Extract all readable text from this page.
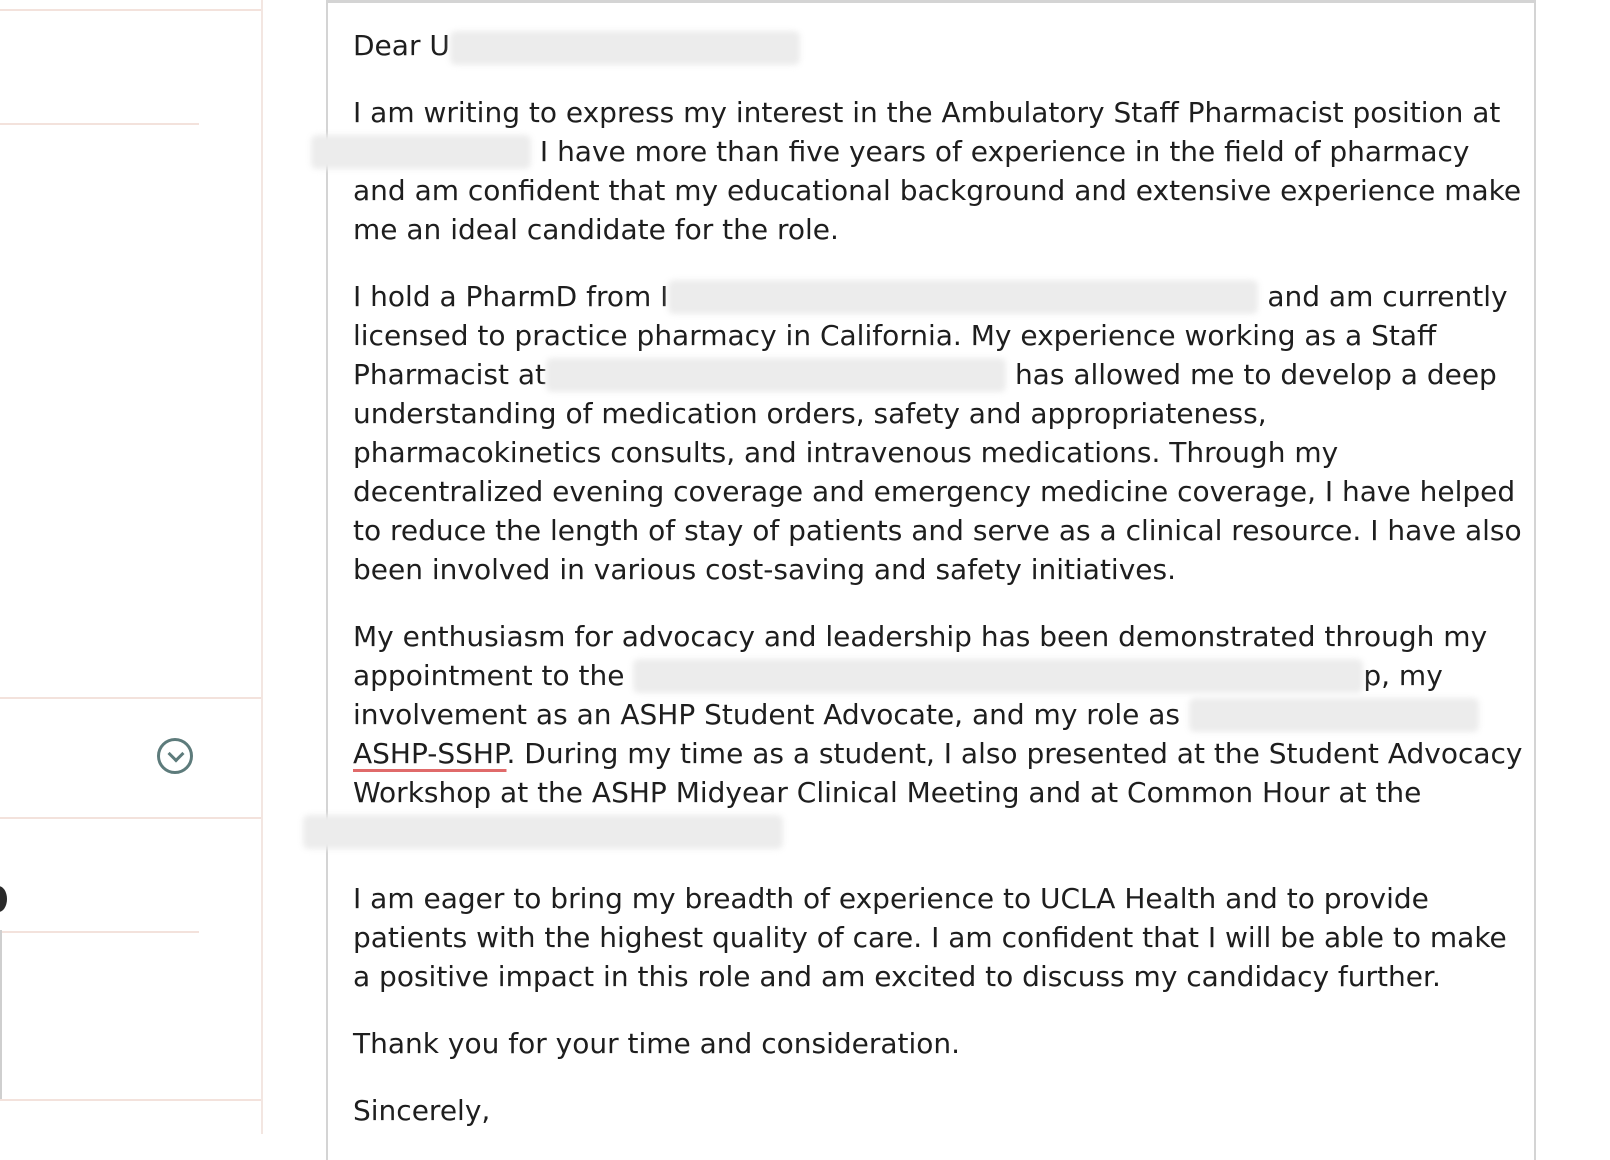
Dear U

I am writing to express my interest in the Ambulatory Staff Pharmacist position at
I have more than five years of experience in the field of pharmacy and am confident that my educational background and extensive experience make me an ideal candidate for the role.

I hold a PharmD from I	and am currently licensed to practice pharmacy in California. My experience working as a Staff Pharmacist at	has allowed me to develop a deep understanding of medication orders, safety and appropriateness, pharmacokinetics consults, and intravenous medications. Through my decentralized evening coverage and emergency medicine coverage, I have helped to reduce the length of stay of patients and serve as a clinical resource. I have also been involved in various cost-saving and safety initiatives.

My enthusiasm for advocacy and leadership has been demonstrated through my appointment to the	p, my involvement as an ASHP Student Advocate, and my role as
ASHP-SSHP. During my time as a student, I also presented at the Student Advocacy Workshop at the ASHP Midyear Clinical Meeting and at Common Hour at the

I am eager to bring my breadth of experience to UCLA Health and to provide patients with the highest quality of care. I am confident that I will be able to make a positive impact in this role and am excited to discuss my candidacy further.

Thank you for your time and consideration.

Sincerely,
